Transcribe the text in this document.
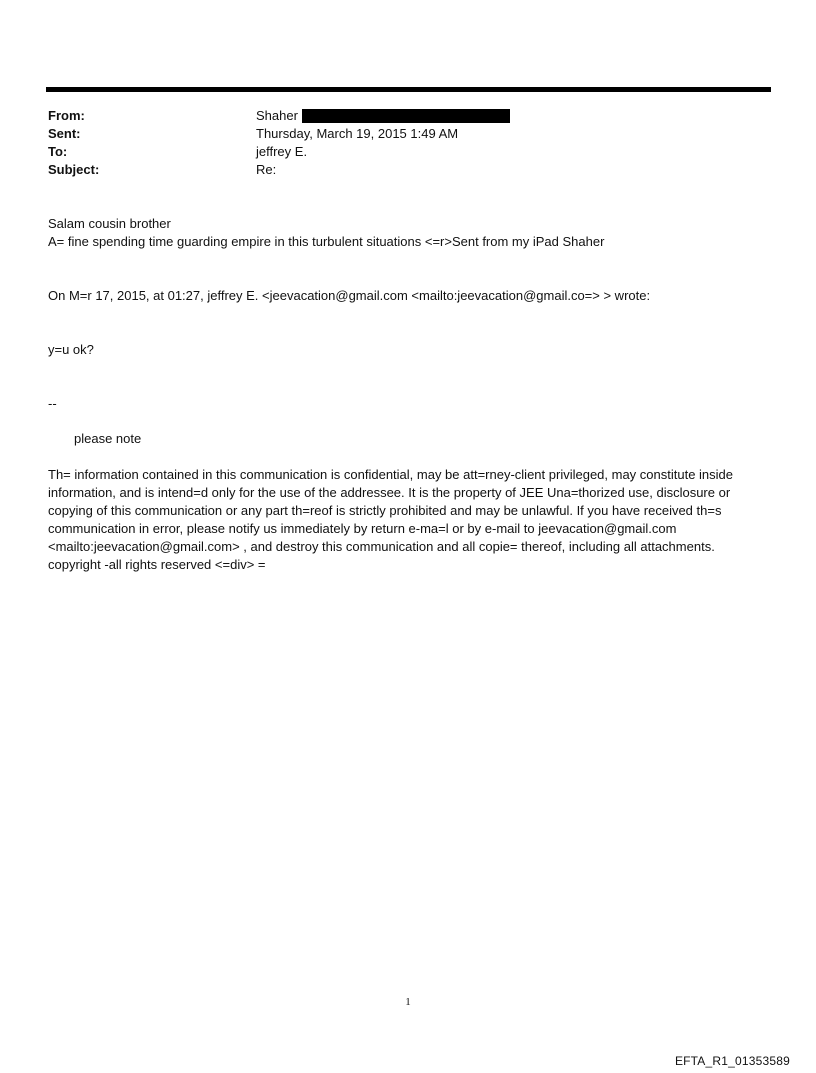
From:	Shaher
Sent:	Thursday, March 19, 2015 1:49 AM
To:	jeffrey E.
Subject:	Re:
Salam cousin brother
A= fine spending time guarding empire in this turbulent situations <=r>Sent from my iPad Shaher
On M=r 17, 2015, at 01:27, jeffrey E. <jeevacation@gmail.com <mailto:jeevacation@gmail.co=> > wrote:
y=u ok?
--
please note
Th= information contained in this communication is confidential, may be att=rney-client privileged, may constitute inside information, and is intend=d only for the use of the addressee. It is the property of JEE Una=thorized use, disclosure or copying of this communication or any part th=reof is strictly prohibited and may be unlawful. If you have received th=s communication in error, please notify us immediately by return e-ma=l or by e-mail to jeevacation@gmail.com <mailto:jeevacation@gmail.com> , and destroy this communication and all copie= thereof, including all attachments. copyright -all rights reserved <=div> =
1
EFTA_R1_01353589
